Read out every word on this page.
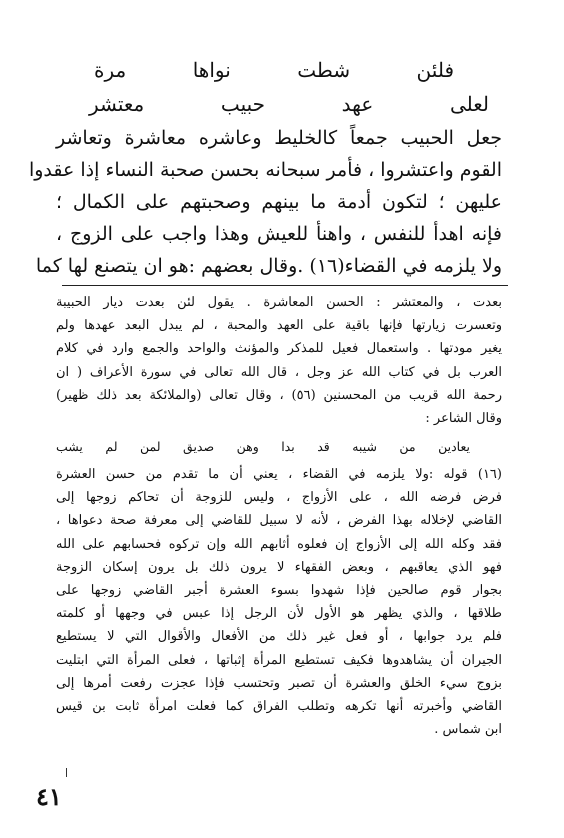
فلئن شطت نواها مرة
لعلى عهد حبيب معتشر
جعل الحبيب جمعاً كالخليط وعاشره معاشرة وتعاشر
القوم واعتشروا ، فأمر سبحانه بحسن صحبة النساء إذا عقدوا
عليهن ؛ لتكون أدمة ما بينهم وصحبتهم على الكمال ؛
فإنه اهدأ للنفس ، واهنأ للعيش وهذا واجب على الزوج ،
ولا يلزمه في القضاء(١٦) .وقال بعضهم :هو ان يتصنع لها كما
بعدت ، والمعتشر : الحسن المعاشرة . يقول لئن بعدت ديار الحبيبة
وتعسرت زيارتها فإنها باقية على العهد والمحبة ، لم يبدل البعد عهدها ولم
يغير مودتها . واستعمال فعيل للمذكر والمؤنث والواحد والجمع وارد في كلام
العرب بل في كتاب الله عز وجل ، قال الله تعالى في سورة الأعراف ( ان
رحمة الله قريب من المحسنين (٥٦) ، وقال تعالى (والملائكة بعد ذلك ظهير)
وقال الشاعر :
يعادين من شيبه قد بدا وهن صديق لمن لم يشب
(١٦) قوله :ولا يلزمه في القضاء ، يعني أن ما تقدم من حسن العشرة
فرض فرضه الله ، على الأزواج ، وليس للزوجة أن تحاكم زوجها إلى
القاضي لإخلاله بهذا الفرض ، لأنه لا سبيل للقاضي إلى معرفة صحة دعواها ،
فقد وكله الله إلى الأزواج إن فعلوه أثابهم الله وإن تركوه فحسابهم على الله
فهو الذي يعاقبهم ، وبعض الفقهاء لا يرون ذلك بل يرون إسكان الزوجة
بجوار قوم صالحين فإذا شهدوا بسوء العشرة أجبر القاضي زوجها على
طلاقها ، والذي يظهر هو الأول لأن الرجل إذا عبس في وجهها أو كلمته
فلم يرد جوابها ، أو فعل غير ذلك من الأفعال والأقوال التي لا يستطيع
الجيران أن يشاهدوها فكيف تستطيع المرأة إثباتها ، فعلى المرأة التي ابتليت
بزوج سيء الخلق والعشرة أن تصبر وتحتسب فإذا عجزت رفعت أمرها إلى
القاضي وأخبرته أنها تكرهه وتطلب الفراق كما فعلت امرأة ثابت بن قيس
ابن شماس .
٤١
